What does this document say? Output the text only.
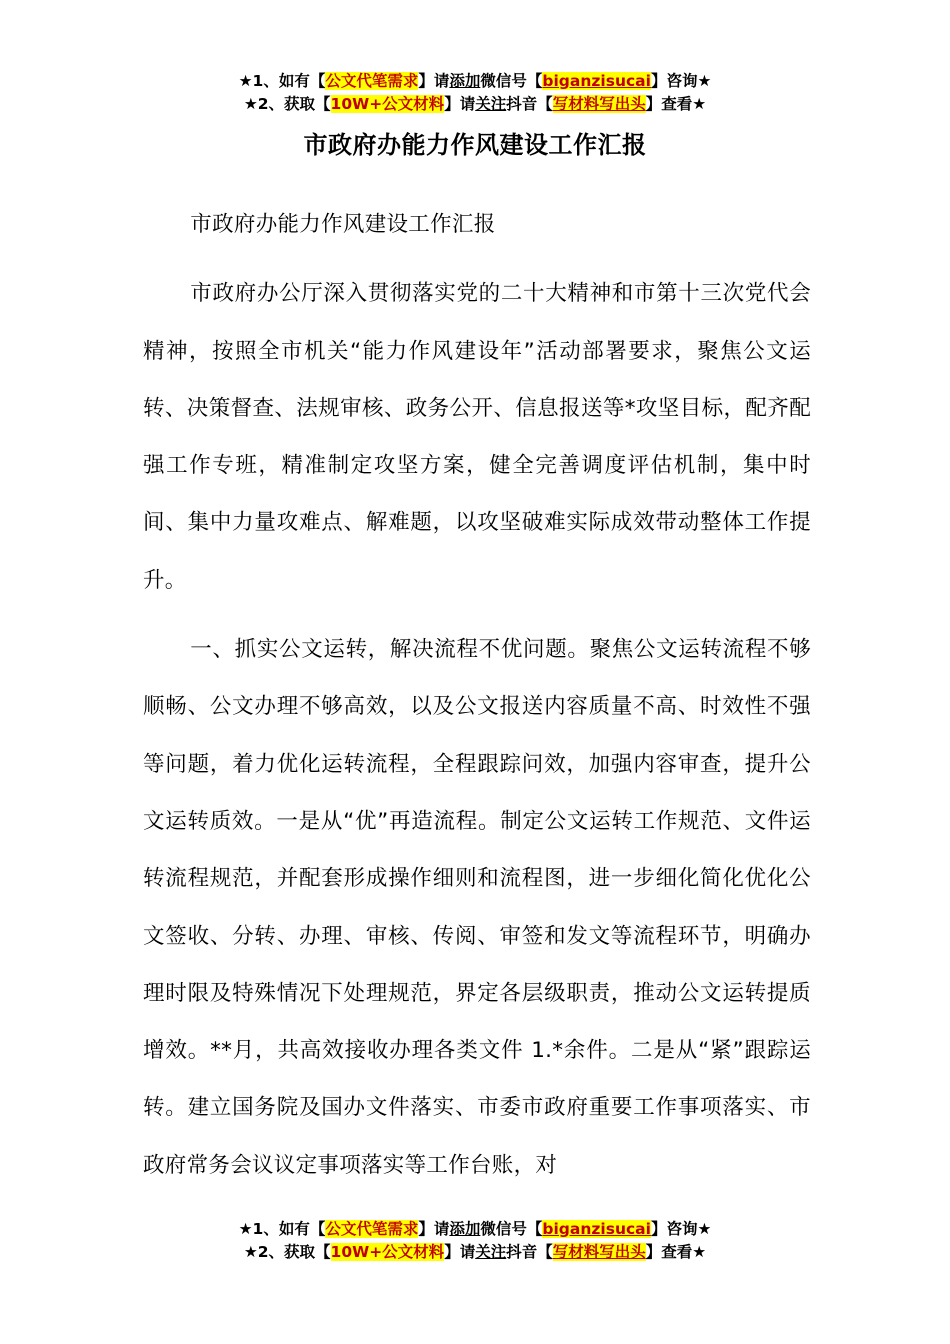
★1、如有【公文代笔需求】请添加微信号【biganzisucai】咨询★
★2、获取【10W+公文材料】请关注抖音【写材料写出头】查看★
市政府办能力作风建设工作汇报

市政府办能力作风建设工作汇报

市政府办公厅深入贯彻落实党的二十大精神和市第十三次党代会精神，按照全市机关“能力作风建设年”活动部署要求，聚焦公文运转、决策督查、法规审核、政务公开、信息报送等*攻坚目标，配齐配强工作专班，精准制定攻坚方案，健全完善调度评估机制，集中时间、集中力量攻难点、解难题，以攻坚破难实际成效带动整体工作提升。

一、抓实公文运转，解决流程不优问题。聚焦公文运转流程不够顺畅、公文办理不够高效，以及公文报送内容质量不高、时效性不强等问题，着力优化运转流程，全程跟踪问效，加强内容审查，提升公文运转质效。一是从“优”再造流程。制定公文运转工作规范、文件运转流程规范，并配套形成操作细则和流程图，进一步细化简化优化公文签收、分转、办理、审核、传阅、审签和发文等流程环节，明确办理时限及特殊情况下处理规范，界定各层级职责，推动公文运转提质增效。**月，共高效接收办理各类文件 1.*余件。二是从“紧”跟踪运转。建立国务院及国办文件落实、市委市政府重要工作事项落实、市政府常务会议议定事项落实等工作台账，对

★1、如有【公文代笔需求】请添加微信号【biganzisucai】咨询★
★2、获取【10W+公文材料】请关注抖音【写材料写出头】查看★
